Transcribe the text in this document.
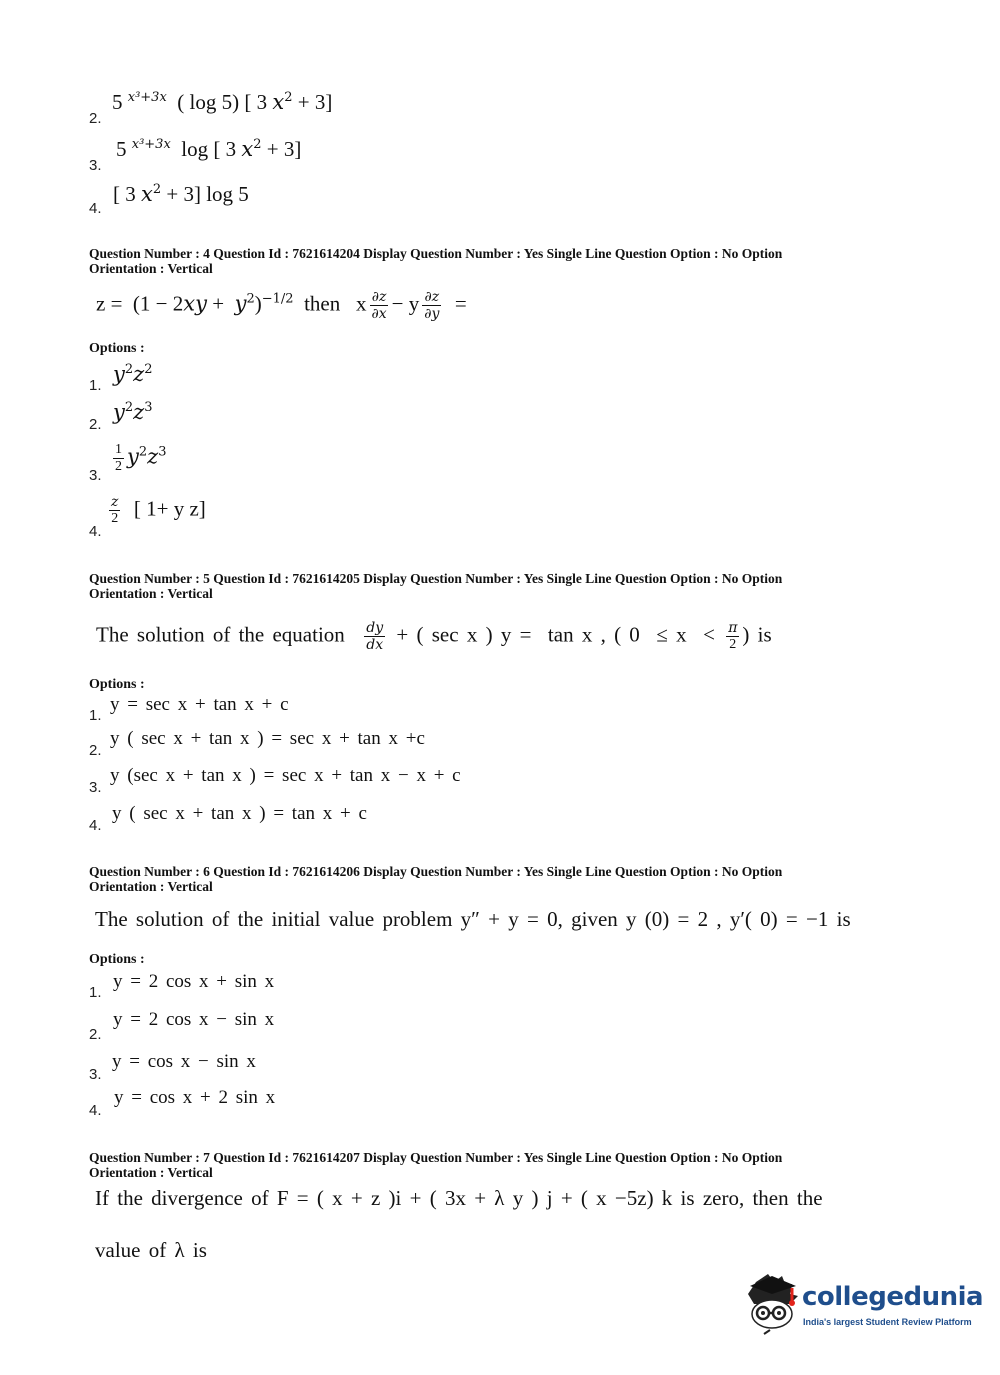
2.
5 $^{x^3+3x}$  ( log 5) [ 3 $x^2 + 3$]
3.
5 $^{x^3+3x}$  log [ 3 $x^2 + 3$]
4.
[ 3 $x^2 + 3$] log 5
Question Number : 4 Question Id : 7621614204 Display Question Number : Yes Single Line Question Option : No Option
Orientation : Vertical
$z = (1 - 2xy + y^2)^{-1/2}$  then   x $\frac{\partial z}{\partial x} - y \frac{\partial z}{\partial y}$ =
Options :
1. $y^2z^2$
2.
$y^2z^3$
3.
$\frac{1}{2} y^2z^3$
4.
$\frac{z}{2}$ [ 1+ y z]
Question Number : 5 Question Id : 7621614205 Display Question Number : Yes Single Line Question Option : No Option
Orientation : Vertical
The solution of the equation $\frac{dy}{dx}$ + ( sec x ) y =  tan x , ( $0 \le x < \frac{\pi}{2}$ ) is
Options :
1.
y = sec x + tan x + c
2.
y ( sec x + tan x ) = sec x + tan x +c
3.
y (sec x + tan x ) = sec x + tan x − x + c
4.
y ( sec x + tan x ) = tan x + c
Question Number : 6 Question Id : 7621614206 Display Question Number : Yes Single Line Question Option : No Option
Orientation : Vertical
The solution of the initial value problem y″ + y = 0, given y (0) = 2 , y′( 0) = −1 is
Options :
1.
y = 2 cos x + sin x
2.
y = 2 cos x − sin x
3.
y = cos x − sin x
4.
y = cos x + 2 sin x
Question Number : 7 Question Id : 7621614207 Display Question Number : Yes Single Line Question Option : No Option
Orientation : Vertical
If the divergence of F = ( x + z )i + ( 3x + λ y ) j + ( x −5z) k is zero, then the
value of λ is
collegedunia
India's largest Student Review Platform
